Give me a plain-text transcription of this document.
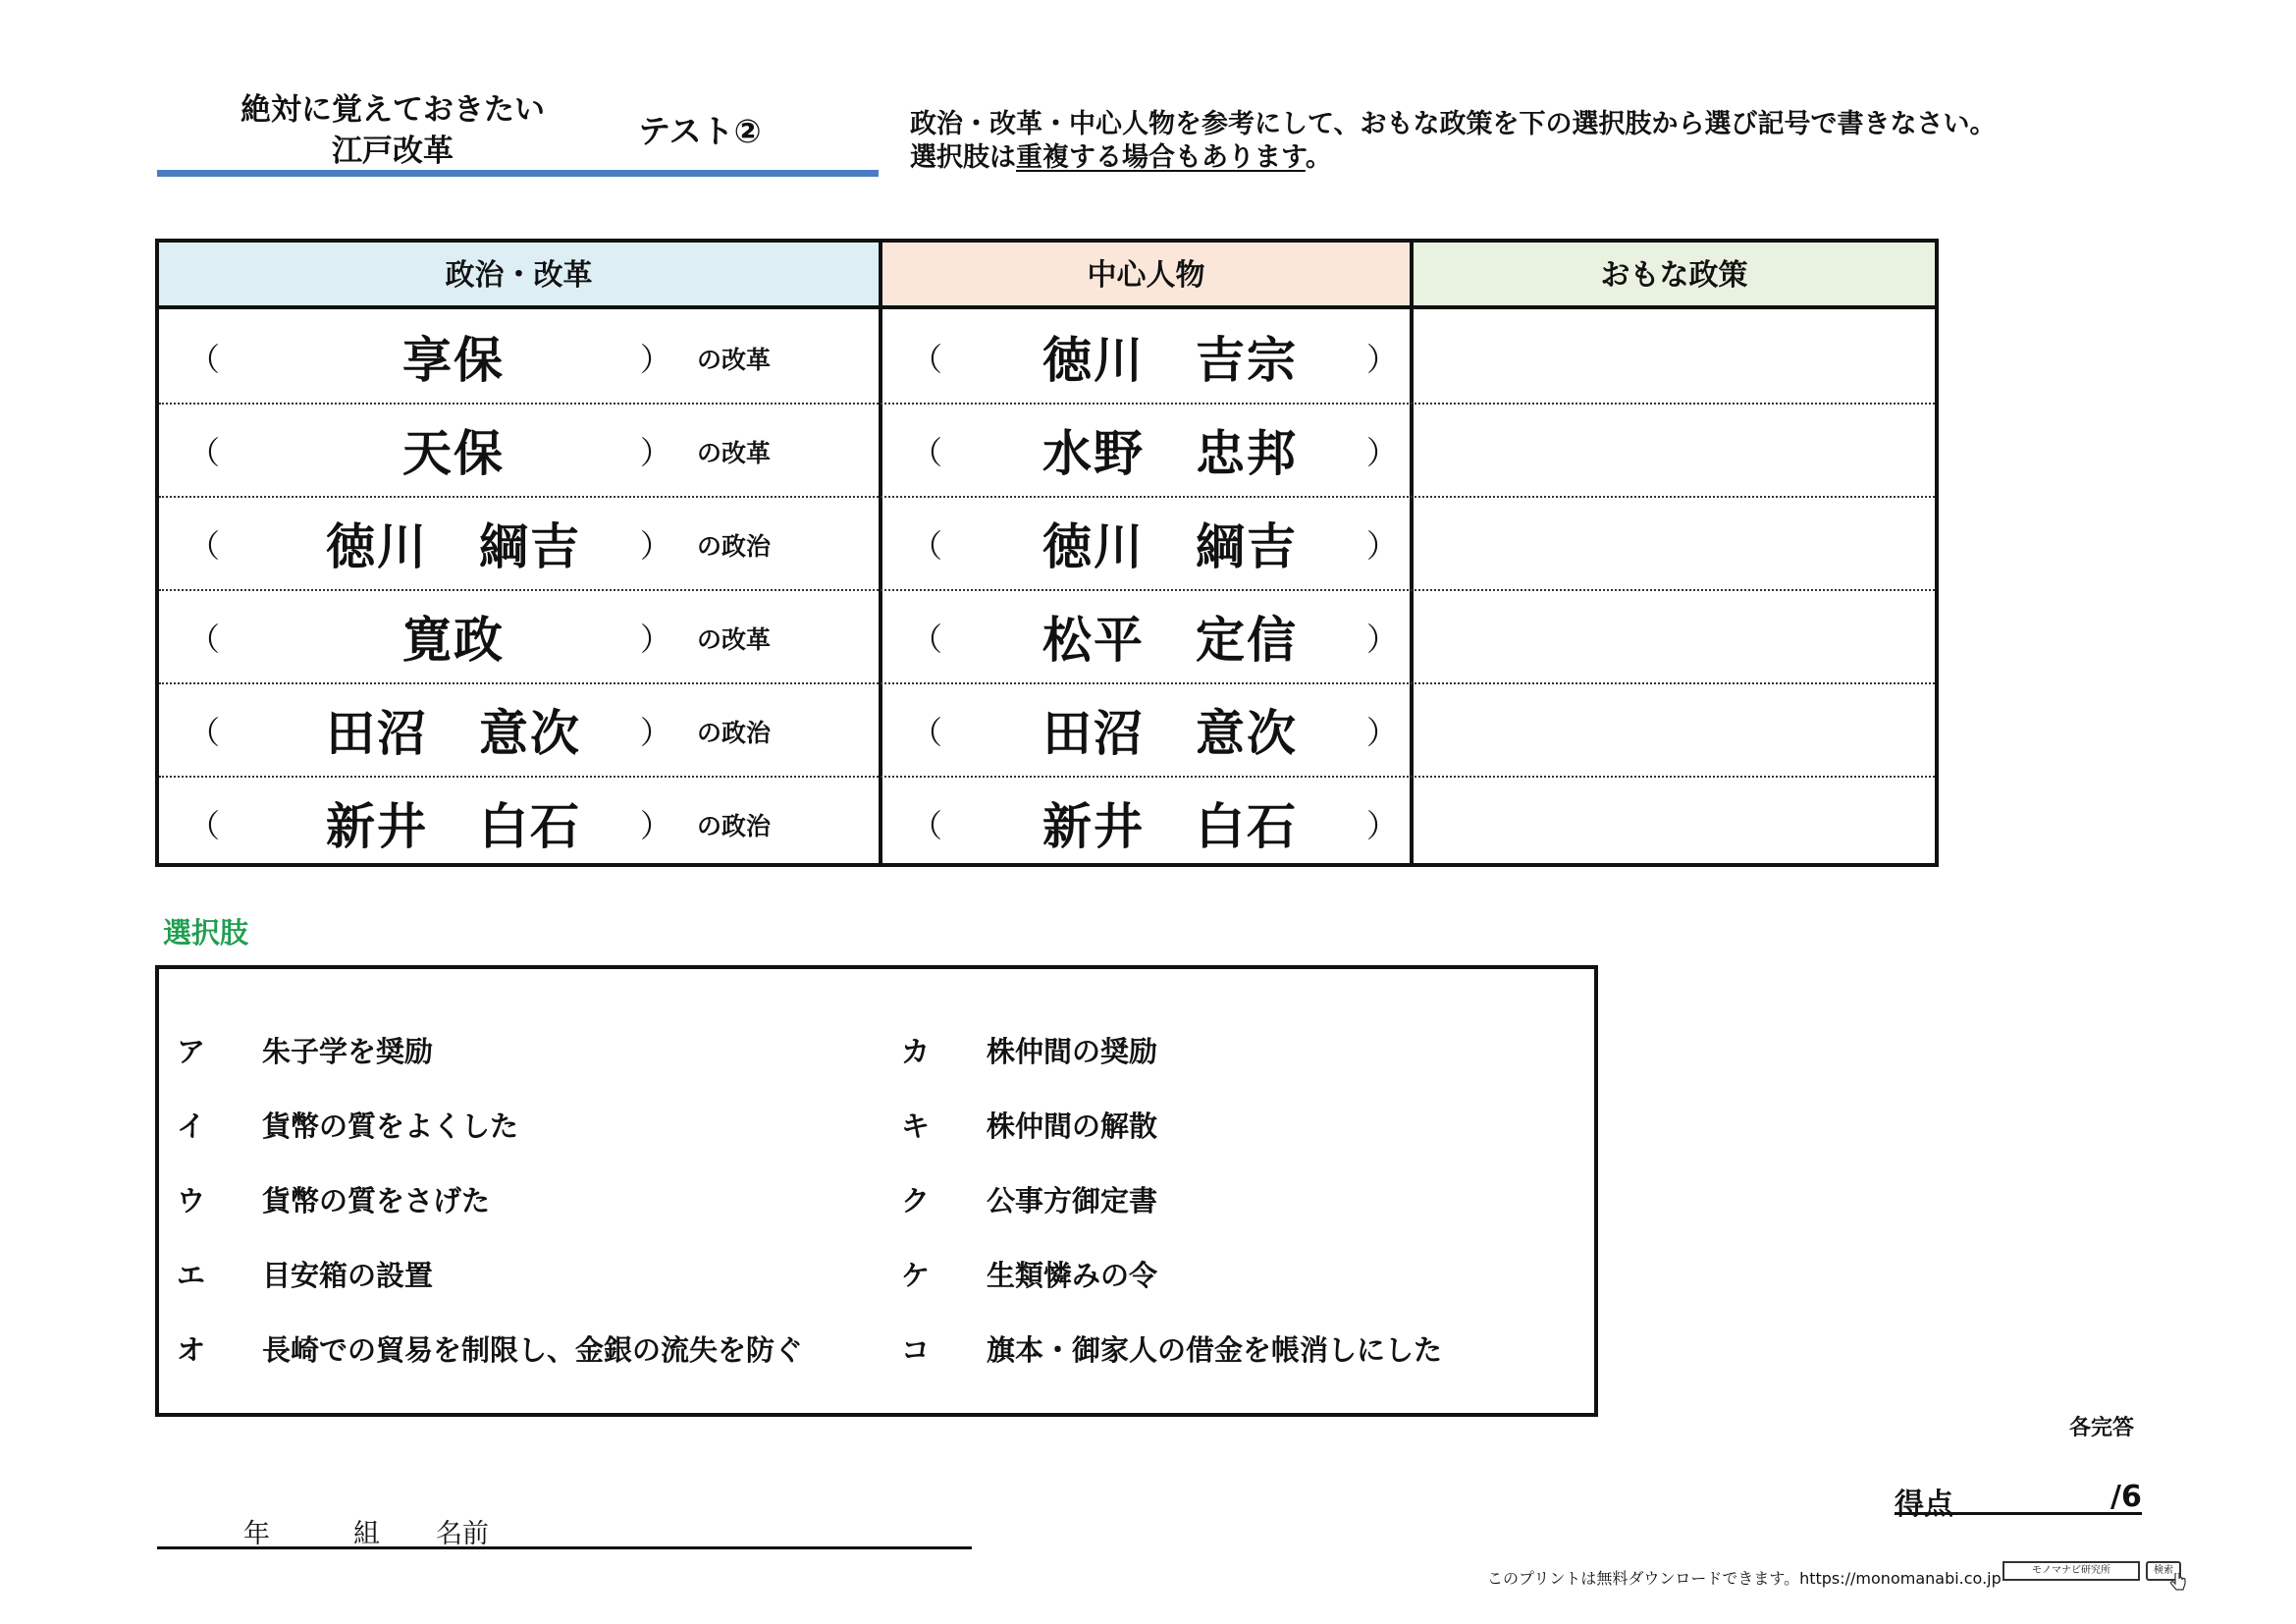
絶対に覚えておきたい
江戸改革
テスト②	政治・改革・中心人物を参考にして、おもな政策を下の選択肢から選び記号で書きなさい。
選択肢は重複する場合もあります。
政治・改革	中心人物	おもな政策
（	享保	） の改革	（	徳川　吉宗	）
（	天保	） の改革	（	水野　忠邦	）
（	徳川　綱吉	） の政治	（	徳川　綱吉	）
（	寛政	） の改革	（	松平　定信	）
（	田沼　意次	） の政治	（	田沼　意次	）
（	新井　白石	） の政治	（	新井　白石	）
選択肢
ア 朱子学を奨励
イ 貨幣の質をよくした
ウ 貨幣の質をさげた
エ 目安箱の設置
オ 長崎での貿易を制限し、金銀の流失を防ぐ
カ 株仲間の奨励
キ 株仲間の解散
ク 公事方御定書
ケ 生類憐みの令
コ 旗本・御家人の借金を帳消しにした
各完答
得点	/6
年	組 名前
このプリントは無料ダウンロードできます。https://monomanabi.co.jp	モノマナビ研究所	検索
